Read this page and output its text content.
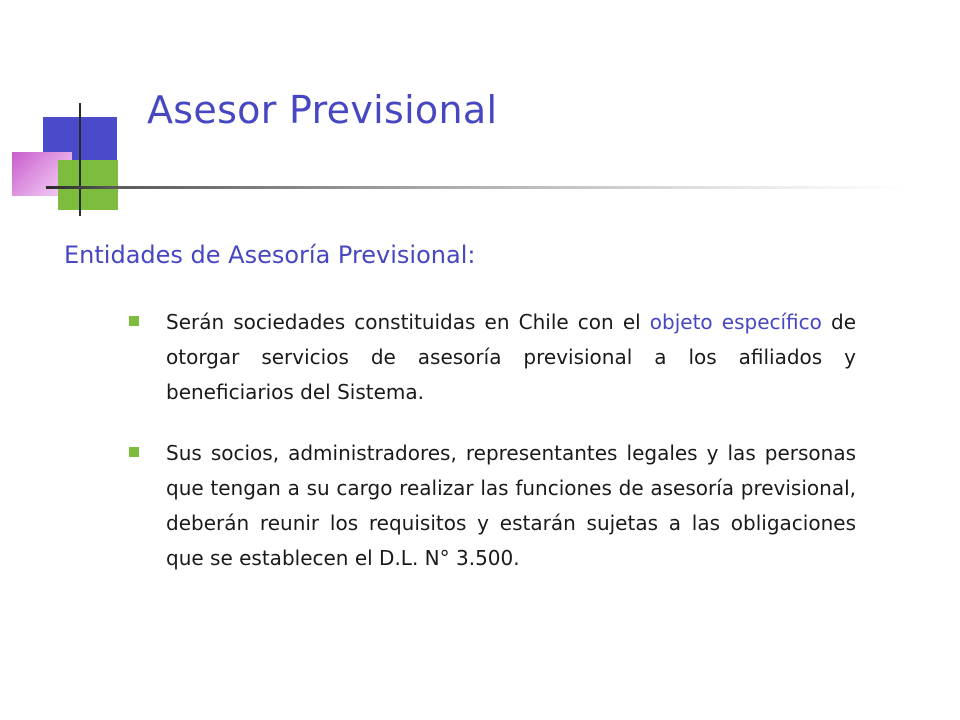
Asesor Previsional
Entidades de Asesoría Previsional:
Serán sociedades constituidas en Chile con el objeto específico de otorgar servicios de asesoría previsional a los afiliados y beneficiarios del Sistema.
Sus socios, administradores, representantes legales y las personas que tengan a su cargo realizar las funciones de asesoría previsional, deberán reunir los requisitos y estarán sujetas a las obligaciones que se establecen el D.L. N° 3.500.
